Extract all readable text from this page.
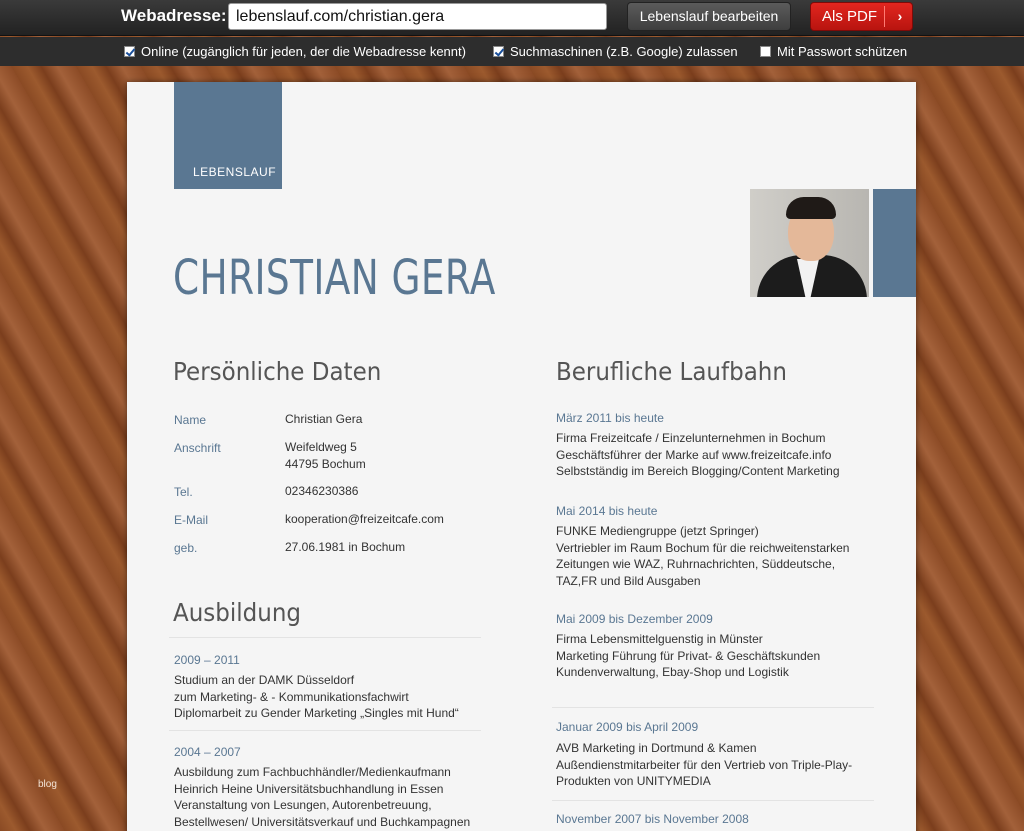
Webadresse:
lebenslauf.com/christian.gera	Lebenslauf bearbeiten	Als PDF	›
Online (zugänglich für jeden, der die Webadresse kennt)	Suchmaschinen (z.B. Google) zulassen	Mit Passwort schützen
LEBENSLAUF
CHRISTIAN GERA
Persönliche Daten
Name	Christian Gera
Anschrift	Weifeldweg 5
44795 Bochum
Tel.	02346230386
E-Mail	kooperation@freizeitcafe.com
geb.	27.06.1981 in Bochum
Ausbildung
2009 – 2011
Studium an der DAMK Düsseldorf
zum Marketing- & - Kommunikationsfachwirt
Diplomarbeit zu Gender Marketing „Singles mit Hund“
2004 – 2007
Ausbildung zum Fachbuchhändler/Medienkaufmann
Heinrich Heine Universitätsbuchhandlung in Essen
Veranstaltung von Lesungen, Autorenbetreuung,
Bestellwesen/ Universitätsverkauf und Buchkampagnen
Berufliche Laufbahn
März 2011 bis heute
Firma Freizeitcafe / Einzelunternehmen in Bochum
Geschäftsführer der Marke auf www.freizeitcafe.info
Selbstständig im Bereich Blogging/Content Marketing
Mai 2014 bis heute
FUNKE Mediengruppe (jetzt Springer)
Vertriebler im Raum Bochum für die reichweitenstarken
Zeitungen wie WAZ, Ruhrnachrichten, Süddeutsche,
TAZ,FR und Bild Ausgaben
Mai 2009 bis Dezember 2009
Firma Lebensmittelguenstig in Münster
Marketing Führung für Privat- & Geschäftskunden
Kundenverwaltung, Ebay-Shop und Logistik
Januar 2009 bis April 2009
AVB Marketing in Dortmund & Kamen
Außendienstmitarbeiter für den Vertrieb von Triple-Play-
Produkten von UNITYMEDIA
November 2007 bis November 2008
blog
